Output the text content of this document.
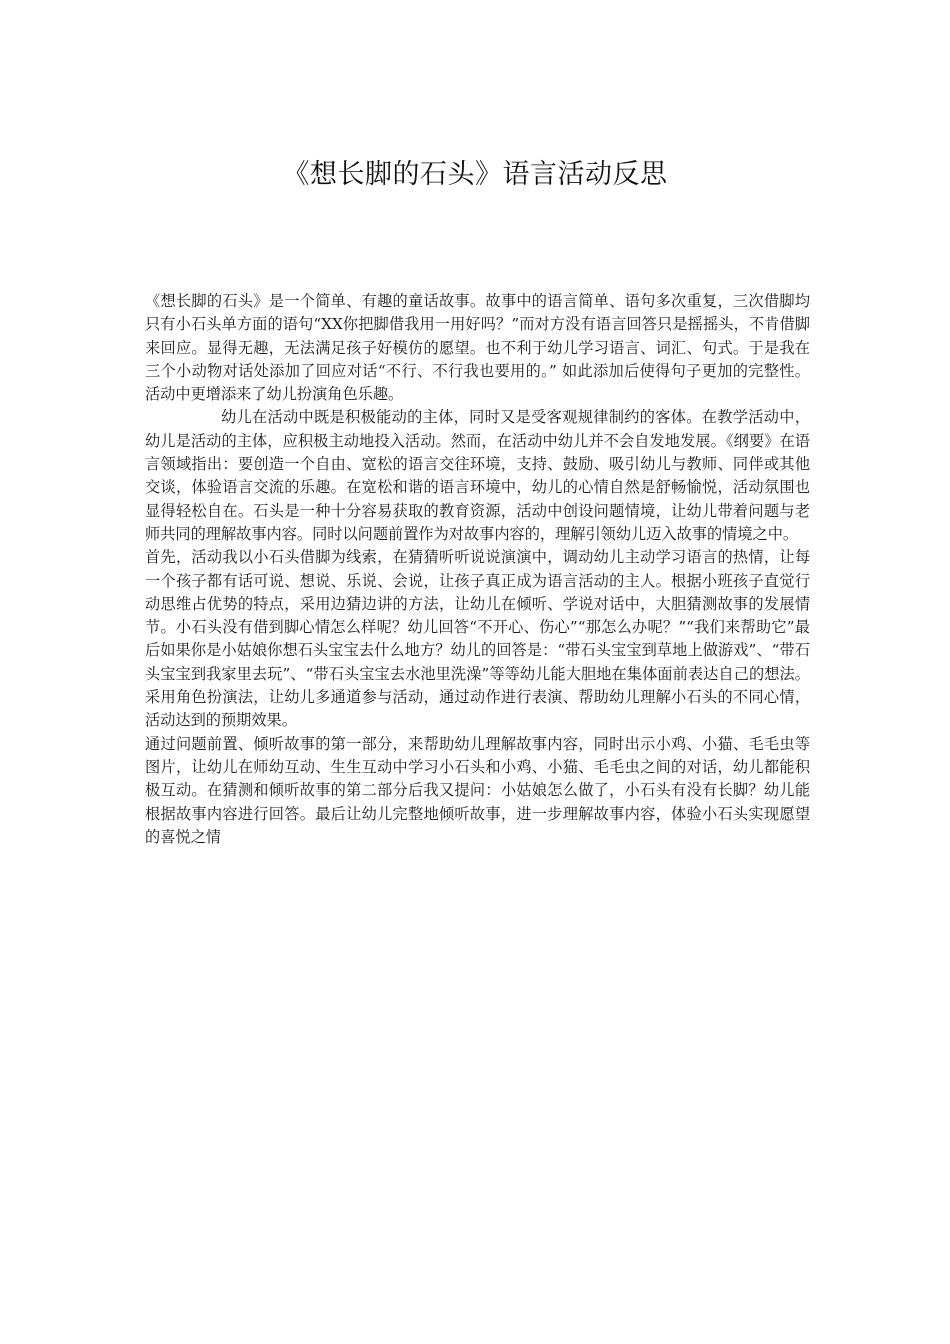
《想长脚的石头》语言活动反思

《想长脚的石头》是一个简单、有趣的童话故事。故事中的语言简单、语句多次重复，三次借脚均只有小石头单方面的语句“XX你把脚借我用一用好吗？”而对方没有语言回答只是摇摇头，不肯借脚来回应。显得无趣，无法满足孩子好模仿的愿望。也不利于幼儿学习语言、词汇、句式。于是我在三个小动物对话处添加了回应对话“不行、不行我也要用的。” 如此添加后使得句子更加的完整性。活动中更增添来了幼儿扮演角色乐趣。

幼儿在活动中既是积极能动的主体，同时又是受客观规律制约的客体。在教学活动中，幼儿是活动的主体，应积极主动地投入活动。然而，在活动中幼儿并不会自发地发展。《纲要》在语言领域指出：要创造一个自由、宽松的语言交往环境，支持、鼓励、吸引幼儿与教师、同伴或其他交谈，体验语言交流的乐趣。在宽松和谐的语言环境中，幼儿的心情自然是舒畅愉悦，活动氛围也显得轻松自在。石头是一种十分容易获取的教育资源，活动中创设问题情境，让幼儿带着问题与老师共同的理解故事内容。同时以问题前置作为对故事内容的，理解引领幼儿迈入故事的情境之中。

首先，活动我以小石头借脚为线索，在猜猜听听说说演演中，调动幼儿主动学习语言的热情，让每一个孩子都有话可说、想说、乐说、会说，让孩子真正成为语言活动的主人。根据小班孩子直觉行动思维占优势的特点，采用边猜边讲的方法，让幼儿在倾听、学说对话中，大胆猜测故事的发展情节。小石头没有借到脚心情怎么样呢？幼儿回答“不开心、伤心”“那怎么办呢？”“我们来帮助它”最后如果你是小姑娘你想石头宝宝去什么地方？幼儿的回答是：“带石头宝宝到草地上做游戏”、“带石头宝宝到我家里去玩”、“带石头宝宝去水池里洗澡”等等幼儿能大胆地在集体面前表达自己的想法。采用角色扮演法，让幼儿多通道参与活动，通过动作进行表演、帮助幼儿理解小石头的不同心情，活动达到的预期效果。

通过问题前置、倾听故事的第一部分，来帮助幼儿理解故事内容，同时出示小鸡、小猫、毛毛虫等图片，让幼儿在师幼互动、生生互动中学习小石头和小鸡、小猫、毛毛虫之间的对话，幼儿都能积极互动。在猜测和倾听故事的第二部分后我又提问：小姑娘怎么做了，小石头有没有长脚？幼儿能根据故事内容进行回答。最后让幼儿完整地倾听故事，进一步理解故事内容，体验小石头实现愿望的喜悦之情
